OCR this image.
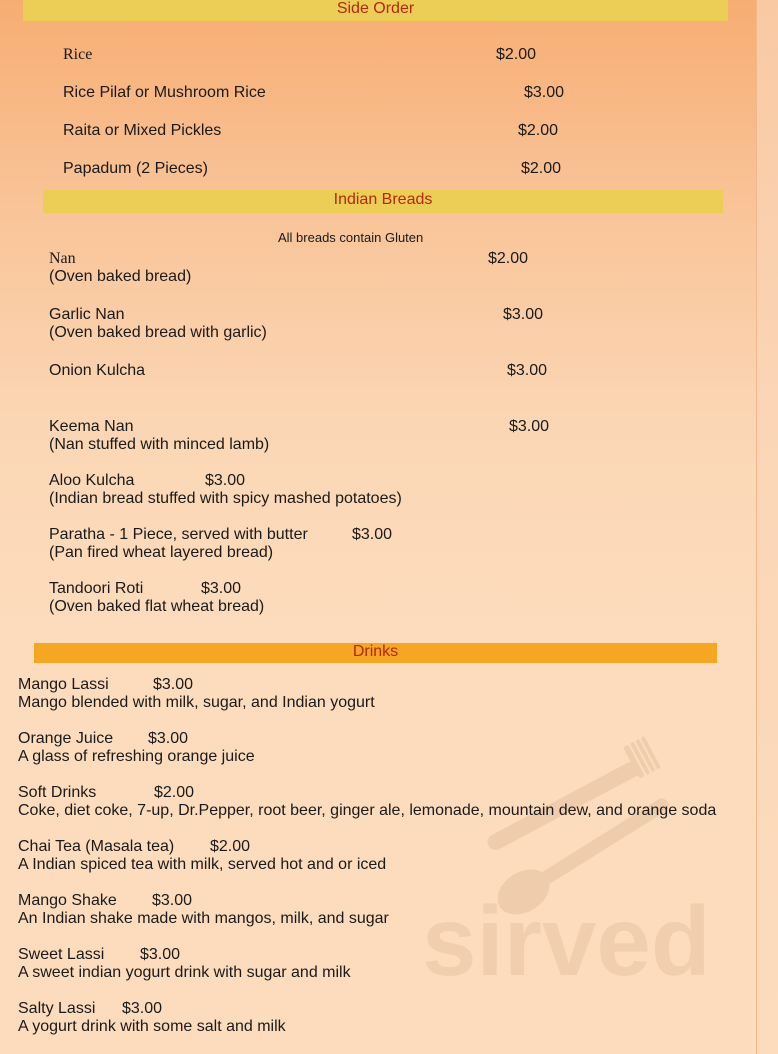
sirved
Side Order
Rice	$2.00
Rice Pilaf or Mushroom Rice	$3.00
Raita or Mixed Pickles	$2.00
Papadum (2 Pieces)	$2.00
Indian Breads
All breads contain Gluten
Nan	$2.00
(Oven baked bread)
Garlic Nan	$3.00
(Oven baked bread with garlic)
Onion Kulcha	$3.00
Keema Nan	$3.00
(Nan stuffed with minced lamb)
Aloo Kulcha	$3.00
(Indian bread stuffed with spicy mashed potatoes)
Paratha - 1 Piece, served with butter	$3.00
(Pan fired wheat layered bread)
Tandoori Roti	$3.00
(Oven baked flat wheat bread)
Drinks
Mango Lassi	$3.00
Mango blended with milk, sugar, and Indian yogurt
Orange Juice $3.00
A glass of refreshing orange juice
Soft Drinks	$2.00
Coke, diet coke, 7-up, Dr.Pepper, root beer, ginger ale, lemonade, mountain dew, and orange soda
Chai Tea (Masala tea) $2.00
A Indian spiced tea with milk, served hot and or iced
Mango Shake $3.00
An Indian shake made with mangos, milk, and sugar
Sweet Lassi $3.00
A sweet indian yogurt drink with sugar and milk
Salty Lassi $3.00
A yogurt drink with some salt and milk
